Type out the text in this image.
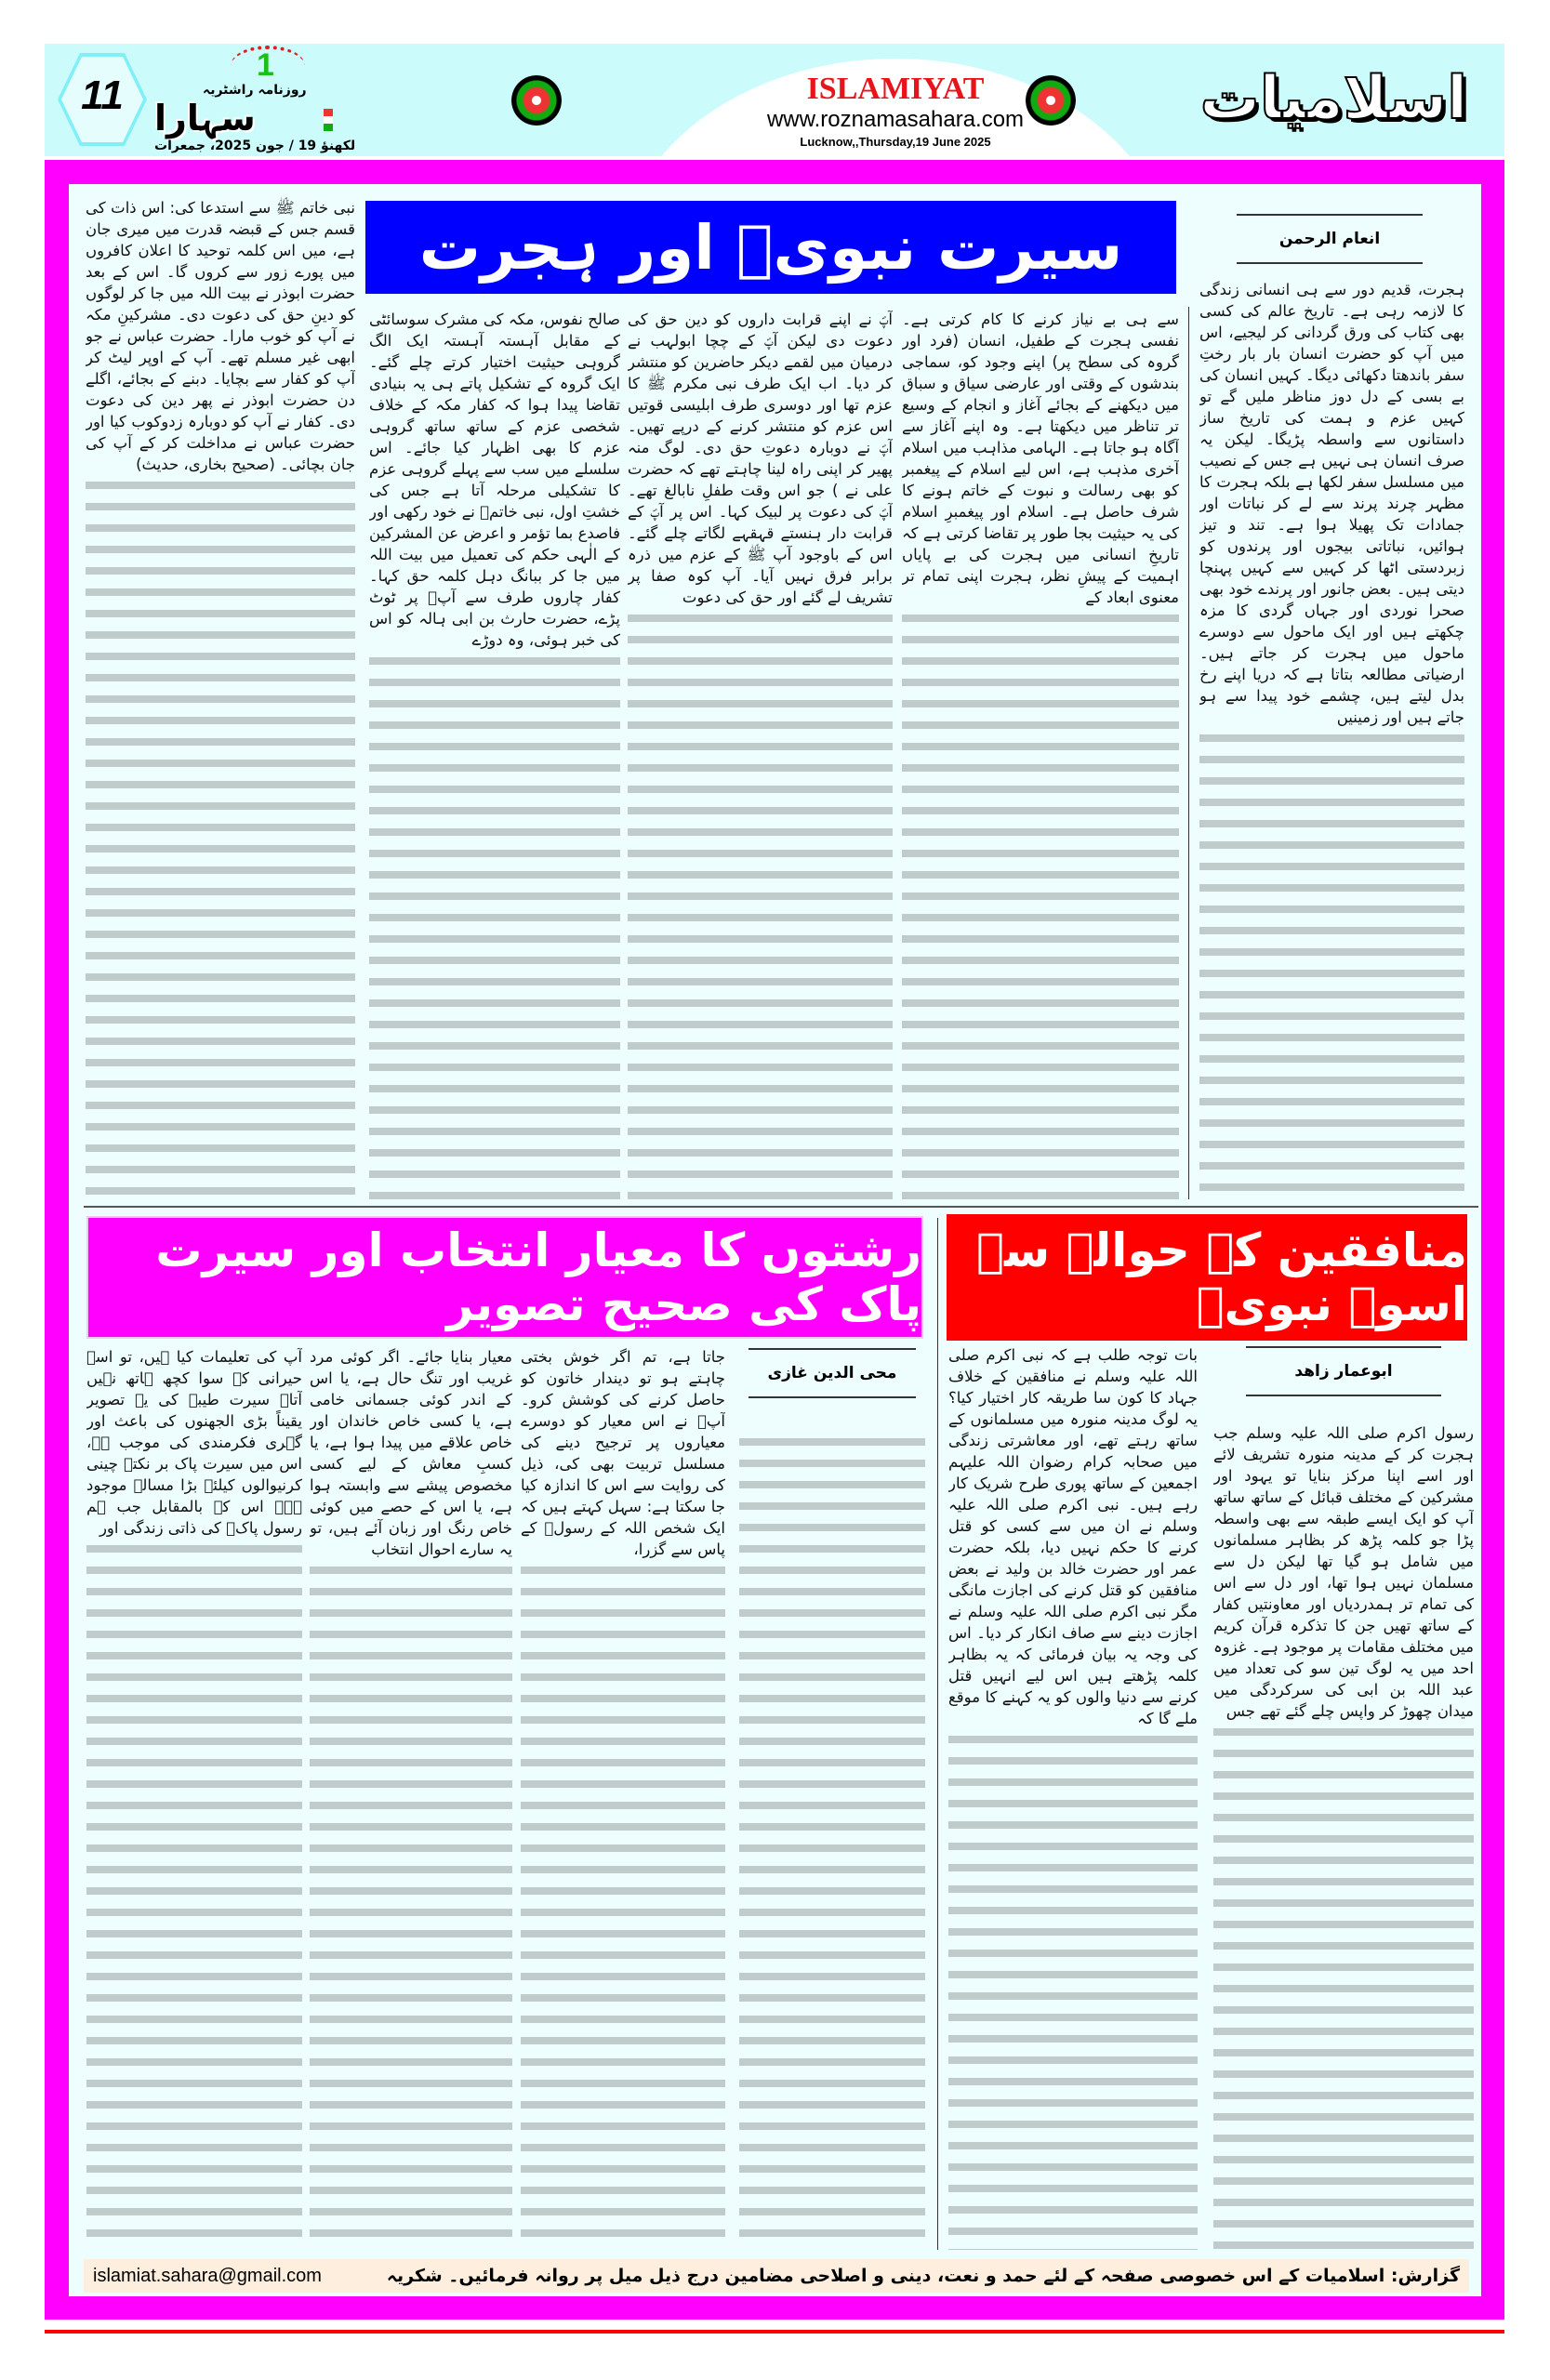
11
1
روزنامہ راشٹریہ
سہارا
لکھنؤ 19 / جون 2025، جمعرات
ISLAMIYAT
www.roznamasahara.com
Lucknow,,Thursday,19 June 2025
اسلامیات
سیرت نبویؐ اور ہجرت	انعام الرحمن

ہجرت، قدیم دور سے ہی انسانی زندگی کا لازمہ رہی ہے۔ تاریخ عالم کی کسی بھی کتاب کی ورق گردانی کر لیجیے، اس میں آپ کو حضرت انسان بار بار رختِ سفر باندھتا دکھائی دیگا۔ کہیں انسان کی بے بسی کے دل دوز مناظر ملیں گے تو کہیں عزم و ہمت کی تاریخ ساز داستانوں سے واسطہ پڑیگا۔ لیکن یہ صرف انسان ہی نہیں ہے جس کے نصیب میں مسلسل سفر لکھا ہے بلکہ ہجرت کا مظہر چرند پرند سے لے کر نباتات اور جمادات تک پھیلا ہوا ہے۔ تند و تیز ہوائیں، نباتاتی بیجوں اور پرندوں کو زبردستی اٹھا کر کہیں سے کہیں پہنچا دیتی ہیں۔ بعض جانور اور پرندے خود بھی صحرا نوردی اور جہاں گردی کا مزہ چکھتے ہیں اور ایک ماحول سے دوسرے ماحول میں ہجرت کر جاتے ہیں۔ ارضیاتی مطالعہ بتاتا ہے کہ دریا اپنے رخ بدل لیتے ہیں، چشمے خود پیدا سے ہو جاتے ہیں اور زمینیں

سے ہی بے نیاز کرنے کا کام کرتی ہے۔ نفسی ہجرت کے طفیل، انسان (فرد اور گروہ کی سطح پر) اپنے وجود کو، سماجی بندشوں کے وقتی اور عارضی سیاق و سباق میں دیکھنے کے بجائے آغاز و انجام کے وسیع تر تناظر میں دیکھتا ہے۔ وہ اپنے آغاز سے آگاہ ہو جاتا ہے۔ الہامی مذاہب میں اسلام آخری مذہب ہے، اس لیے اسلام کے پیغمبر کو بھی رسالت و نبوت کے خاتم ہونے کا شرف حاصل ہے۔ اسلام اور پیغمبرِ اسلام کی یہ حیثیت بجا طور پر تقاضا کرتی ہے کہ تاریخِ انسانی میں ہجرت کی بے پایاں اہمیت کے پیشِ نظر، ہجرت اپنی تمام تر معنوی ابعاد کے

آپؐ نے اپنے قرابت داروں کو دین حق کی دعوت دی لیکن آپؐ کے چچا ابولہب نے درمیان میں لقمے دیکر حاضرین کو منتشر کر دیا۔ اب ایک طرف نبی مکرم ﷺ کا عزم تھا اور دوسری طرف ابلیسی قوتیں اس عزم کو منتشر کرنے کے درپے تھیں۔ آپؐ نے دوبارہ دعوتِ حق دی۔ لوگ منہ پھیر کر اپنی راہ لینا چاہتے تھے کہ حضرت علی نے ) جو اس وقت طفلِ نابالغ تھے۔ آپؐ کی دعوت پر لبیک کہا۔ اس پر آپؐ کے قرابت دار ہنستے قہقہے لگاتے چلے گئے۔ اس کے باوجود آپ ﷺ کے عزم میں ذرہ برابر فرق نہیں آیا۔ آپ کوہ صفا پر تشریف لے گئے اور حق کی دعوت

صالح نفوس، مکہ کی مشرک سوسائٹی کے مقابل آہستہ آہستہ ایک الگ گروہی حیثیت اختیار کرتے چلے گئے۔ ایک گروہ کے تشکیل پاتے ہی یہ بنیادی تقاضا پیدا ہوا کہ کفار مکہ کے خلاف شخصی عزم کے ساتھ ساتھ گروہی عزم کا بھی اظہار کیا جائے۔ اس سلسلے میں سب سے پہلے گروہی عزم کا تشکیلی مرحلہ آتا ہے جس کی خشتِ اول، نبی خاتمؐ نے خود رکھی اور فاصدع بما تؤمر و اعرض عن المشرکین کے الٰہی حکم کی تعمیل میں بیت اللہ میں جا کر ببانگ دہل کلمہ حق کہا۔ کفار چاروں طرف سے آپؐ پر ٹوٹ پڑے، حضرت حارث بن ابی ہالہ کو اس کی خبر ہوئی، وہ دوڑے

نبی خاتم ﷺ سے استدعا کی: اس ذات کی قسم جس کے قبضہ قدرت میں میری جان ہے، میں اس کلمہ توحید کا اعلان کافروں میں پورے زور سے کروں گا۔ اس کے بعد حضرت ابوذر نے بیت اللہ میں جا کر لوگوں کو دینِ حق کی دعوت دی۔ مشرکینِ مکہ نے آپ کو خوب مارا۔ حضرت عباس نے جو ابھی غیر مسلم تھے۔ آپ کے اوپر لیٹ کر آپ کو کفار سے بچایا۔ دبنے کے بجائے، اگلے دن حضرت ابوذر نے پھر دین کی دعوت دی۔ کفار نے آپ کو دوبارہ زدوکوب کیا اور حضرت عباس نے مداخلت کر کے آپ کی جان بچائی۔ (صحیح بخاری، حدیث)

منافقین کے حوالے سے اسوۂ نبویؐ
ابوعمار زاھد

بات توجہ طلب ہے کہ نبی اکرم صلی اللہ علیہ وسلم نے منافقین کے خلاف جہاد کا کون سا طریقہ کار اختیار کیا؟ یہ لوگ مدینہ منورہ میں مسلمانوں کے ساتھ رہتے تھے، اور معاشرتی زندگی میں صحابہ کرام رضوان اللہ علیہم اجمعین کے ساتھ پوری طرح شریک کار رہے ہیں۔ نبی اکرم صلی اللہ علیہ وسلم نے ان میں سے کسی کو قتل کرنے کا حکم نہیں دیا، بلکہ حضرت عمر اور حضرت خالد بن ولید نے بعض منافقین کو قتل کرنے کی اجازت مانگی مگر نبی اکرم صلی اللہ علیہ وسلم نے اجازت دینے سے صاف انکار کر دیا۔ اس کی وجہ یہ بیان فرمائی کہ یہ بظاہر کلمہ پڑھتے ہیں اس لیے انہیں قتل کرنے سے دنیا والوں کو یہ کہنے کا موقع ملے گا کہ

رسول اکرم صلی اللہ علیہ وسلم جب ہجرت کر کے مدینہ منورہ تشریف لائے اور اسے اپنا مرکز بنایا تو یہود اور مشرکین کے مختلف قبائل کے ساتھ ساتھ آپ کو ایک ایسے طبقہ سے بھی واسطہ پڑا جو کلمہ پڑھ کر بظاہر مسلمانوں میں شامل ہو گیا تھا لیکن دل سے مسلمان نہیں ہوا تھا، اور دل سے اس کی تمام تر ہمدردیاں اور معاونتیں کفار کے ساتھ تھیں جن کا تذکرہ قرآن کریم میں مختلف مقامات پر موجود ہے۔ غزوہ احد میں یہ لوگ تین سو کی تعداد میں عبد اللہ بن ابی کی سرکردگی میں میدان چھوڑ کر واپس چلے گئے تھے جس

رشتوں کا معیار انتخاب اور سیرت پاک کی صحیح تصویر
محی الدین غازی

جاتا ہے، تم اگر خوش بختی چاہتے ہو تو دیندار خاتون کو حاصل کرنے کی کوشش کرو۔ آپؐ نے اس معیار کو دوسرے معیاروں پر ترجیح دینے کی مسلسل تربیت بھی کی، ذیل کی روایت سے اس کا اندازہ کیا جا سکتا ہے: سہل کہتے ہیں کہ ایک شخص اللہ کے رسولؐ کے پاس سے گزرا،

معیار بنایا جائے۔ اگر کوئی مرد غریب اور تنگ حال ہے، یا اس کے اندر کوئی جسمانی خامی ہے، یا کسی خاص خاندان اور خاص علاقے میں پیدا ہوا ہے، یا کسبِ معاش کے لیے کسی مخصوص پیشے سے وابستہ ہوا ہے، یا اس کے حصے میں کوئی خاص رنگ اور زبان آئے ہیں، تو یہ سارے احوال انتخاب

آپ کی تعلیمات کیا ہیں، تو اسے حیرانی کے سوا کچھ ہاتھ نہیں آتا۔ سیرت طیبہ کی یہ تصویر یقیناً بڑی الجھنوں کی باعث اور گہری فکرمندی کی موجب ہے، اس میں سیرت پاک بر نکتہ چینی کرنیوالوں کیلئے بڑا مسالہ موجود ہے۔ اس کے بالمقابل جب ہم رسول پاکؐ کی ذاتی زندگی اور

islamiat.sahara@gmail.com	گزارش: اسلامیات کے اس خصوصی صفحہ کے لئے حمد و نعت، دینی و اصلاحی مضامین درج ذیل میل پر روانہ فرمائیں۔ شکریہ
